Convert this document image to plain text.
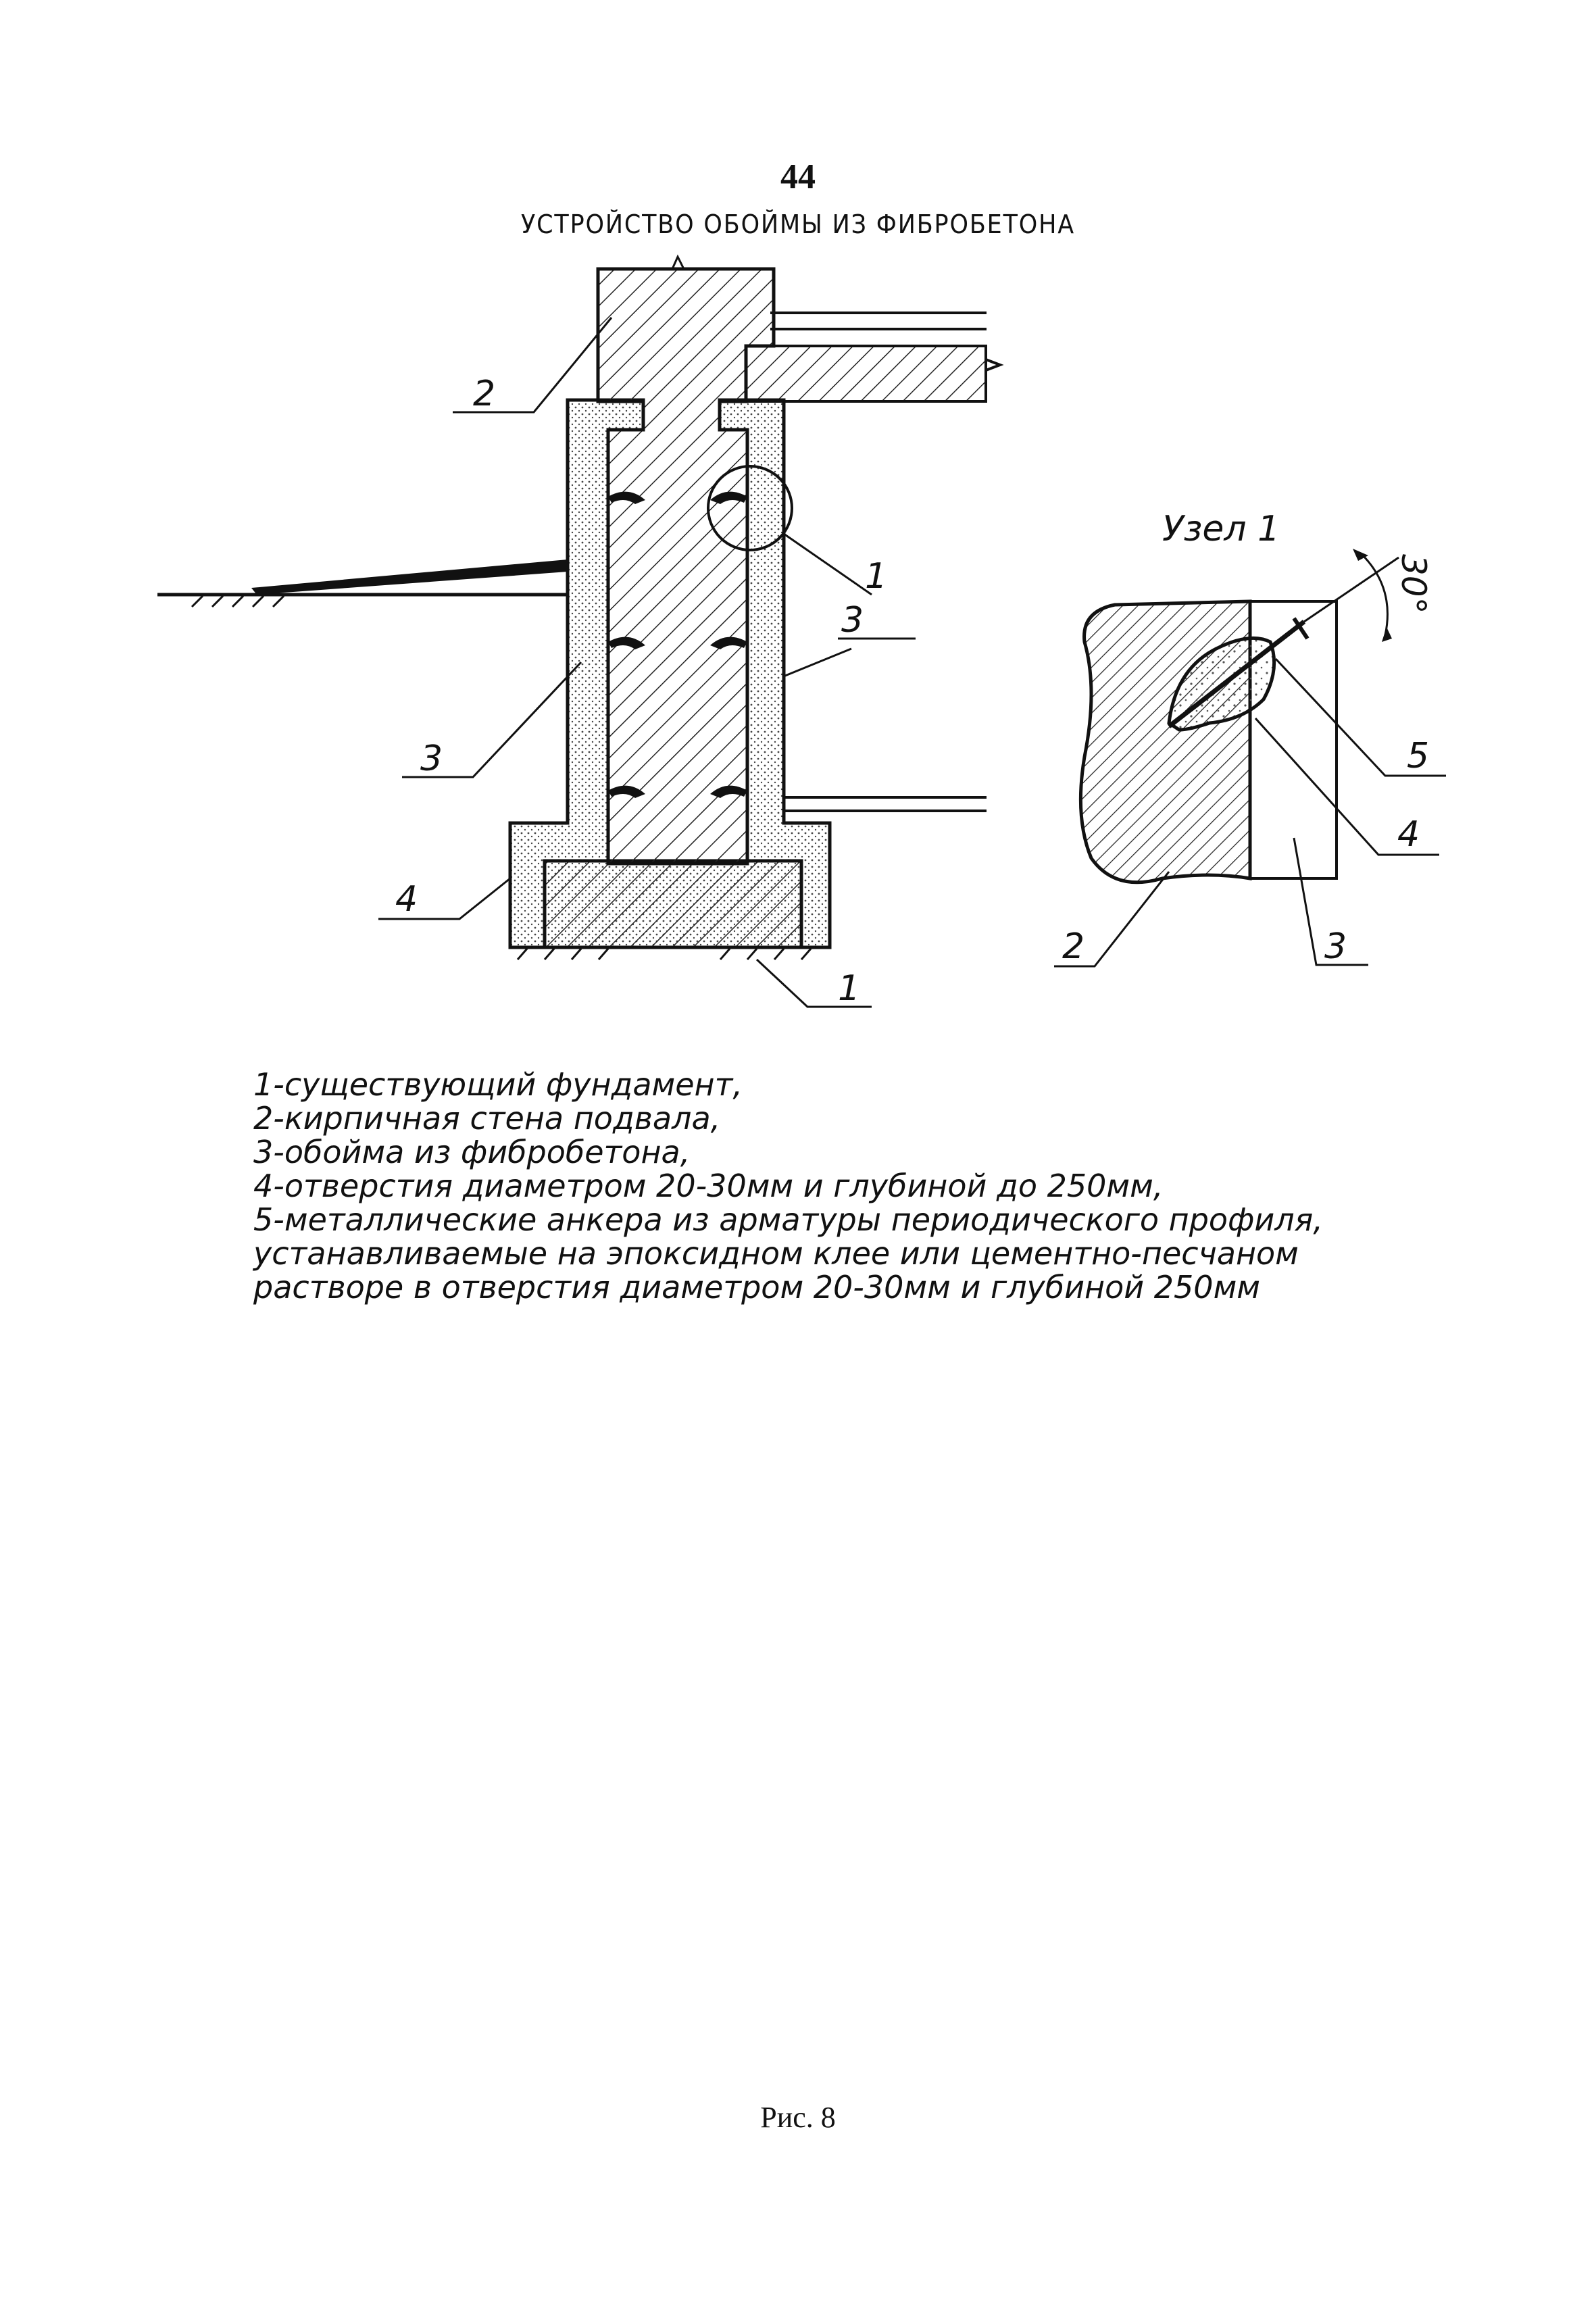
44
УСТРОЙСТВО ОБОЙМЫ ИЗ ФИБРОБЕТОНА
2
1
3
3
4
1
Узел 1
30°
5
4
2	3
1-существующий фундамент,
2-кирпичная стена подвала,
3-обойма из фибробетона,
4-отверстия диаметром 20-30мм и глубиной до 250мм,
5-металлические анкера из арматуры периодического профиля,
устанавливаемые на эпоксидном клее или цементно-песчаном
растворе в отверстия диаметром 20-30мм и глубиной 250мм
Рис. 8
